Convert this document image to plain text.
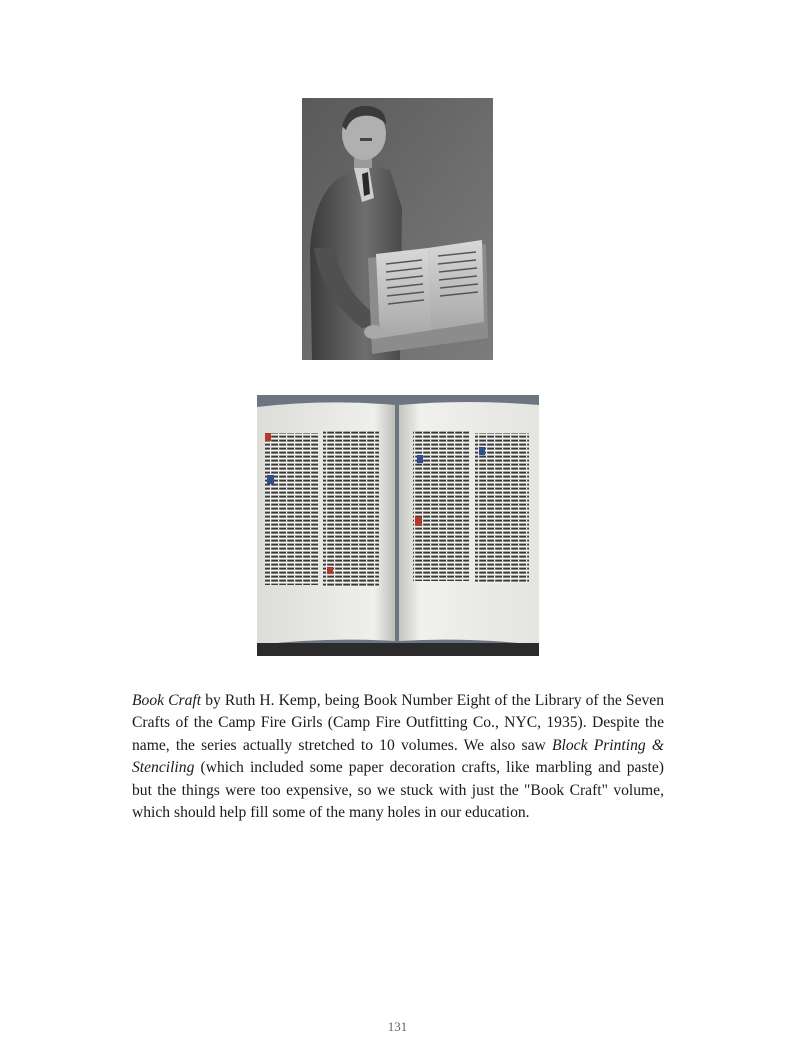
Book Craft by Ruth H. Kemp, being Book Number Eight of the Library of the Seven Crafts of the Camp Fire Girls (Camp Fire Outfitting Co., NYC, 1935). Despite the name, the series actually stretched to 10 volumes. We also saw Block Printing & Stenciling (which included some paper decoration crafts, like marbling and paste) but the things were too expensive, so we stuck with just the "Book Craft" volume, which should help fill some of the many holes in our education.

131
